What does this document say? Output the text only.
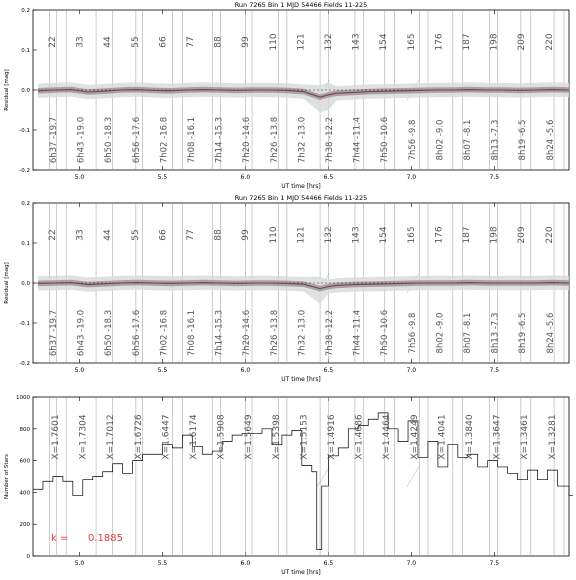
Run 7265 Bin 1 MJD 54466 Fields 11-225
5.0	5.5	6.0	6.5	7.0	7.5
UT time [hrs]
-0.2
-0.1
0.0
0.1
0.2
Residual [mag]
22 33 44 55 66 77 88 99 110 121 132 143 154 165 176 187 198 209 220
6h37 -19.7 6h43 -19.0 6h50 -18.3 6h56 -17.6 7h02 -16.8 7h08 -16.1 7h14 -15.3 7h20 -14.6 7h26 -13.8 7h32 -13.0 7h38 -12.2 7h44 -11.4 7h50 -10.6 7h56 -9.8 8h02 -9.0 8h07 -8.1 8h13 -7.3 8h19 -6.5 8h24 -5.6
Run 7265 Bin 1 MJD 54466 Fields 11-225
5.0	5.5	6.0	6.5	7.0	7.5
UT time [hrs]
-0.2
-0.1
0.0
0.1
0.2
Residual [mag]
22 33 44 55 66 77 88 99 110 121 132 143 154 165 176 187 198 209 220
6h37 -19.7 6h43 -19.0 6h50 -18.3 6h56 -17.6 7h02 -16.8 7h08 -16.1 7h14 -15.3 7h20 -14.6 7h26 -13.8 7h32 -13.0 7h38 -12.2 7h44 -11.4 7h50 -10.6 7h56 -9.8 8h02 -9.0 8h07 -8.1 8h13 -7.3 8h19 -6.5 8h24 -5.6
5.0	5.5	6.0	6.5	7.0	7.5
UT time [hrs]
0
200
400
600
800
1000
Number of Stars
X=1.7601 X=1.7304 X=1.7012 X=1.6726 X=1.6447 X=1.6174 X=1.5908 X=1.5649 X=1.5398 X=1.5153 X=1.4916 X=1.4686 X=1.4464 X=1.4249 X=1.4041 X=1.3840 X=1.3647 X=1.3461 X=1.3281
k = 0.1885
